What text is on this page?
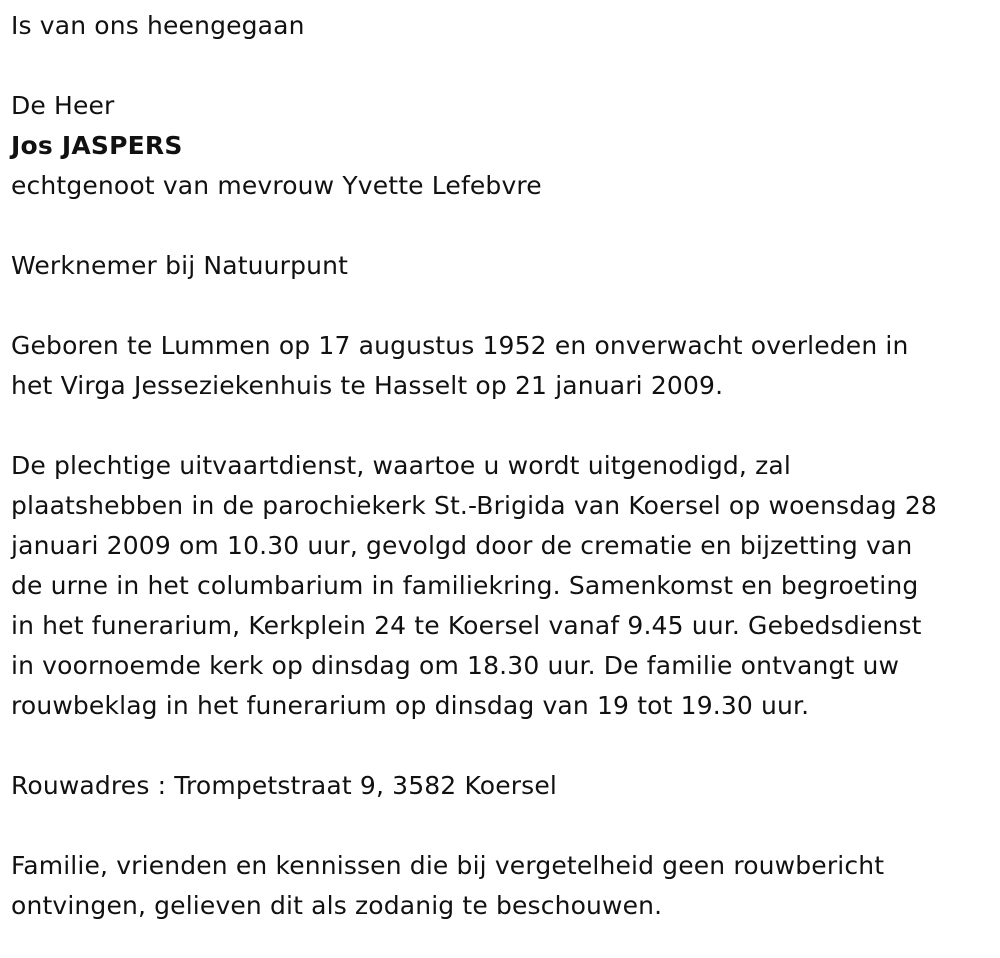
Is van ons heengegaan

De Heer

Jos JASPERS

echtgenoot van mevrouw Yvette Lefebvre

Werknemer bij Natuurpunt

Geboren te Lummen op 17 augustus 1952 en onverwacht overleden in

het Virga Jesseziekenhuis te Hasselt op 21 januari 2009.

De plechtige uitvaartdienst, waartoe u wordt uitgenodigd, zal

plaatshebben in de parochiekerk St.-Brigida van Koersel op woensdag 28

januari 2009 om 10.30 uur, gevolgd door de crematie en bijzetting van

de urne in het columbarium in familiekring. Samenkomst en begroeting

in het funerarium, Kerkplein 24 te Koersel vanaf 9.45 uur. Gebedsdienst

in voornoemde kerk op dinsdag om 18.30 uur. De familie ontvangt uw

rouwbeklag in het funerarium op dinsdag van 19 tot 19.30 uur.

Rouwadres : Trompetstraat 9, 3582 Koersel

Familie, vrienden en kennissen die bij vergetelheid geen rouwbericht

ontvingen, gelieven dit als zodanig te beschouwen.
